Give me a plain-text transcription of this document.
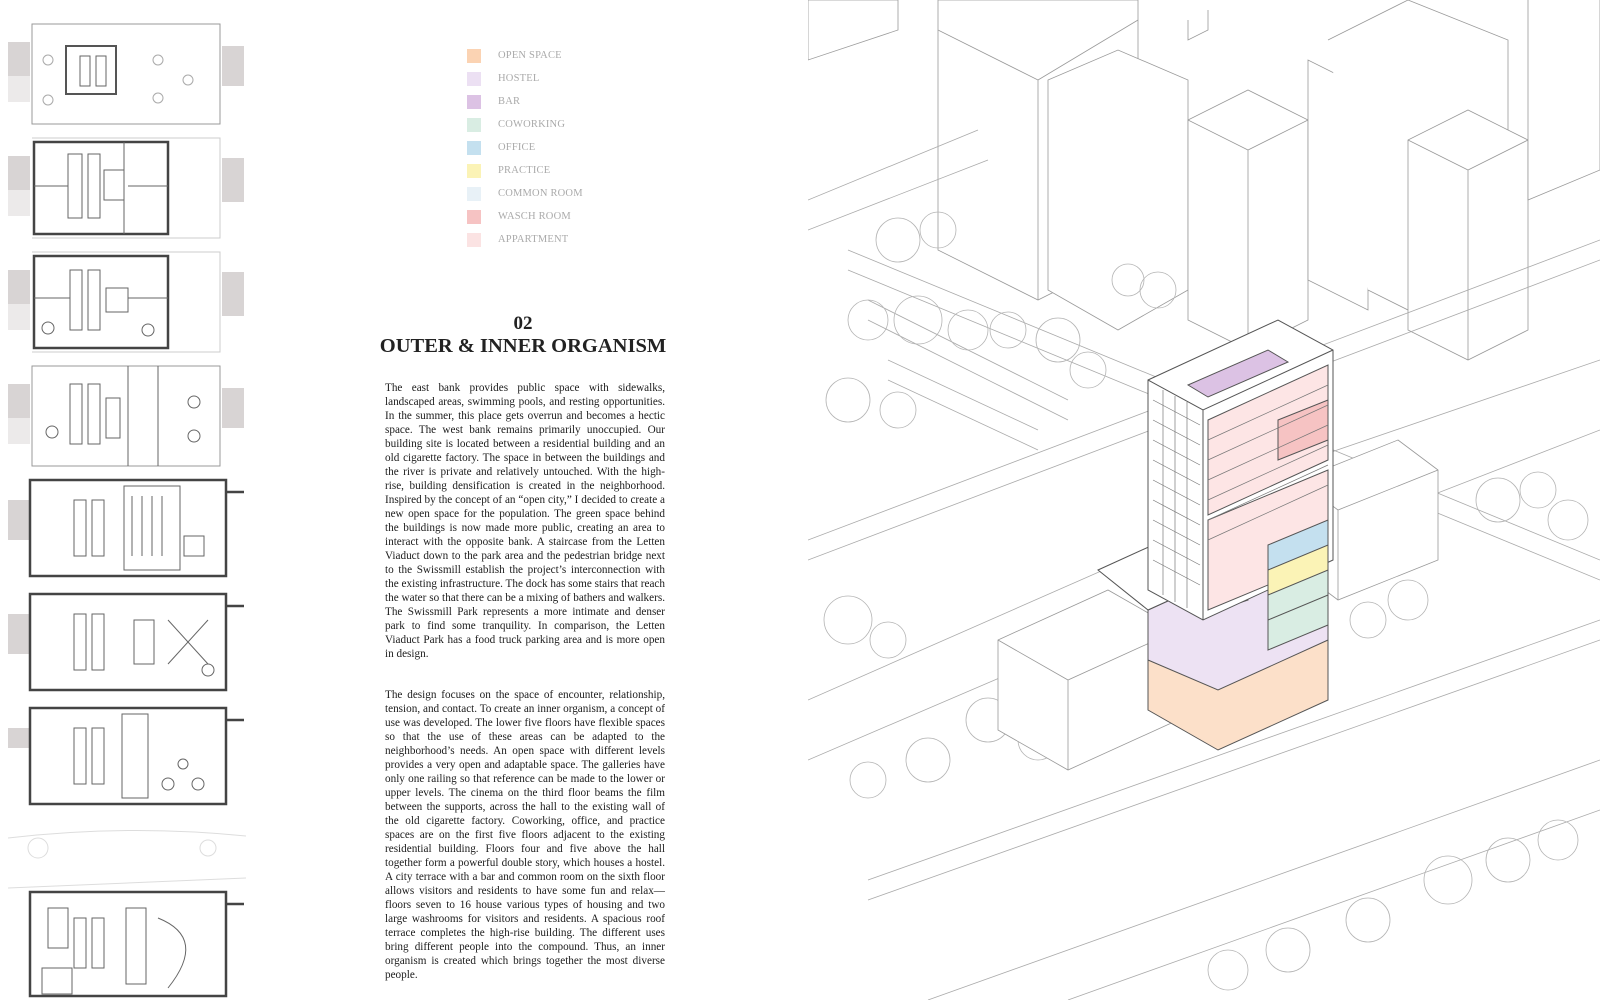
OPEN SPACE
HOSTEL
BAR
COWORKING
OFFICE
PRACTICE
COMMON ROOM
WASCH ROOM
APPARTMENT
02
OUTER & INNER ORGANISM
The east bank provides public space with sidewalks, landscaped areas, swimming pools, and resting opportunities. In the summer, this place gets overrun and becomes a hectic space. The west bank remains primarily unoccupied. Our building site is located between a residential building and an old cigarette factory. The space in between the buildings and the river is private and relatively untouched. With the high-rise, building densification is created in the neighborhood. Inspired by the concept of an “open city,” I decided to create a new open space for the population. The green space behind the buildings is now made more public, creating an area to interact with the opposite bank. A staircase from the Letten Viaduct down to the park area and the pedestrian bridge next to the Swissmill establish the project’s interconnection with the existing infrastructure. The dock has some stairs that reach the water so that there can be a mixing of bathers and walkers. The Swissmill Park represents a more intimate and denser park to find some tranquility. In comparison, the Letten Viaduct Park has a food truck parking area and is more open in design.
The design focuses on the space of encounter, relationship, tension, and contact. To create an inner organism, a concept of use was developed. The lower five floors have flexible spaces so that the use of these areas can be adapted to the neighborhood’s needs. An open space with different levels provides a very open and adaptable space. The galleries have only one railing so that reference can be made to the lower or upper levels. The cinema on the third floor beams the film between the supports, across the hall to the existing wall of the old cigarette factory. Coworking, office, and practice spaces are on the first five floors adjacent to the existing residential building. Floors four and five above the hall together form a powerful double story, which houses a hostel. A city terrace with a bar and common room on the sixth floor allows visitors and residents to have some fun and relax—floors seven to 16 house various types of housing and two large washrooms for visitors and residents. A spacious roof terrace completes the high-rise building. The different uses bring different people into the compound. Thus, an inner organism is created which brings together the most diverse people.
